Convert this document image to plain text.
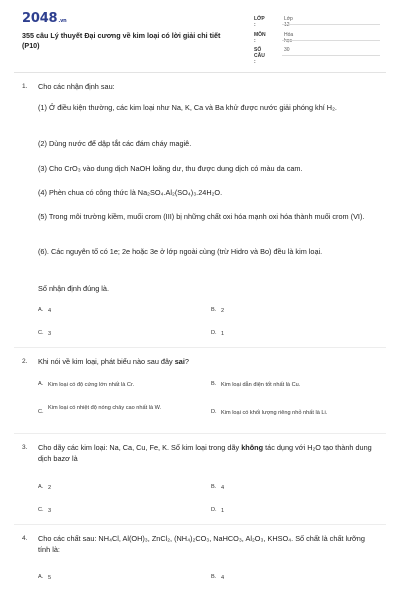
2048.vn
355 câu Lý thuyết Đại cương về kim loại có lời giải chi tiết (P10)
LỚP :
Lớp 12
MÔN :
Hóa học
SỐ CÂU :
30
1. Cho các nhận định sau:
(1) Ở điều kiện thường, các kim loại như Na, K, Ca và Ba khử được nước giải phóng khí H₂.
(2) Dùng nước để dập tắt các đám cháy magiê.
(3) Cho CrO₃ vào dung dịch NaOH loãng dư, thu được dung dịch có màu da cam.
(4) Phèn chua có công thức là Na₂SO₄.Al₂(SO₄)₃.24H₂O.
(5) Trong môi trường kiềm, muối crom (III) bị những chất oxi hóa mạnh oxi hóa thành muối crom (VI).
(6). Các nguyên tố có 1e; 2e hoặc 3e ở lớp ngoài cùng (trừ Hidro và Bo) đều là kim loại.
Số nhận định đúng là.
A. 4	B. 2
C. 3	D. 1
2. Khi nói về kim loại, phát biểu nào sau đây sai?
A. Kim loại có độ cứng lớn nhất là Cr.	B. Kim loại dẫn điện tốt nhất là Cu.
C.
Kim loại có nhiệt độ nóng chảy cao nhất là W.
D. Kim loại có khối lượng riêng nhỏ nhất là Li.
3. Cho dãy các kim loại: Na, Ca, Cu, Fe, K. Số kim loại trong dãy không tác dụng với H₂O tạo thành dung dịch bazơ là
A. 2	B. 4
C. 3	D. 1
4. Cho các chất sau: NH₄Cl, Al(OH)₃, ZnCl₂, (NH₄)₂CO₃, NaHCO₃, Al₂O₃, KHSO₄. Số chất là chất lưỡng tính là:
A. 5	B. 4
